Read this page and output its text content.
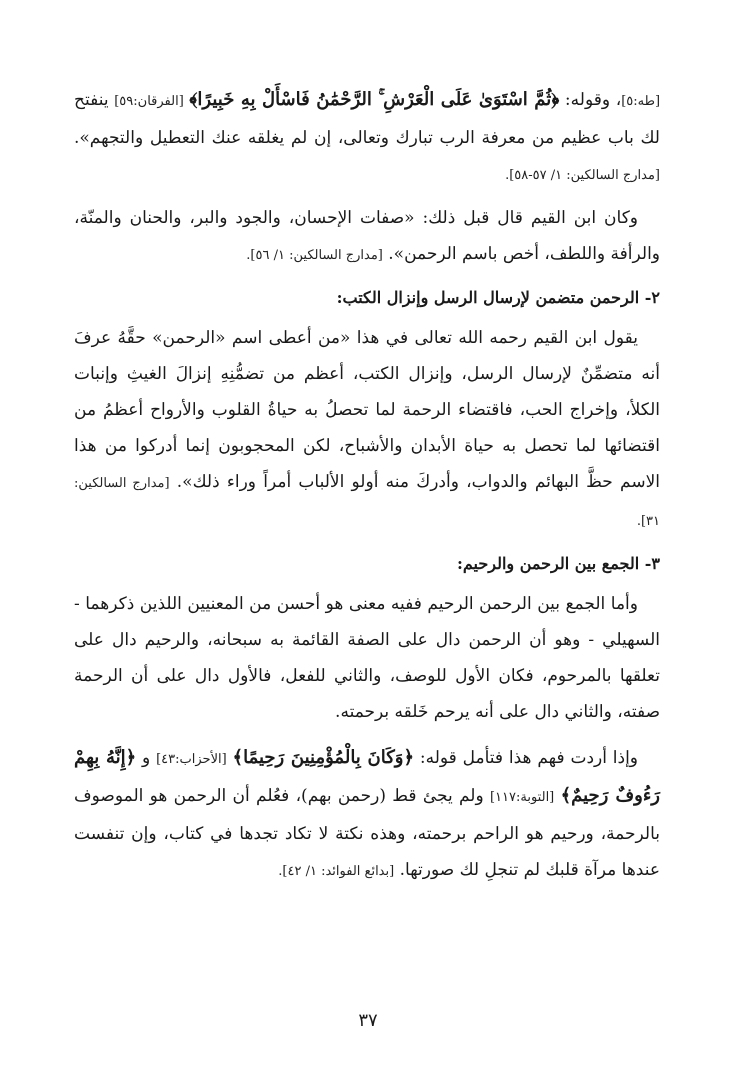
[طه:٥]، وقوله: ﴿ثُمَّ اسْتَوَىٰ عَلَى الْعَرْشِ ۚ الرَّحْمَٰنُ فَاسْأَلْ بِهِ خَبِيرًا﴾ [الفرقان:٥٩] ينفتح لك باب عظيم من معرفة الرب تبارك وتعالى، إن لم يغلقه عنك التعطيل والتجهم». [مدارج السالكين: ١/ ٥٧-٥٨].

وكان ابن القيم قال قبل ذلك: «صفات الإحسان، والجود والبر، والحنان والمنّة، والرأفة واللطف، أخص باسم الرحمن». [مدارج السالكين: ١/ ٥٦].

٢- الرحمن متضمن لإرسال الرسل وإنزال الكتب:

يقول ابن القيم رحمه الله تعالى في هذا «من أعطى اسم «الرحمن» حقَّهُ عرفَ أنه متضمِّنٌ لإرسال الرسل، وإنزال الكتب، أعظم من تضمُّنِهِ إنزالَ الغيثِ وإنبات الكلأ، وإخراج الحب، فاقتضاء الرحمة لما تحصلُ به حياةُ القلوب والأرواح أعظمُ من اقتضائها لما تحصل به حياة الأبدان والأشباح، لكن المحجوبون إنما أدركوا من هذا الاسم حظَّ البهائم والدواب، وأدركَ منه أولو الألباب أمراً وراء ذلك». [مدارج السالكين: ٣١].

٣- الجمع بين الرحمن والرحيم:

وأما الجمع بين الرحمن الرحيم ففيه معنى هو أحسن من المعنيين اللذين ذكرهما - السهيلي - وهو أن الرحمن دال على الصفة القائمة به سبحانه، والرحيم دال على تعلقها بالمرحوم، فكان الأول للوصف، والثاني للفعل، فالأول دال على أن الرحمة صفته، والثاني دال على أنه يرحم خَلقه برحمته.

وإذا أردت فهم هذا فتأمل قوله: ﴿وَكَانَ بِالْمُؤْمِنِينَ رَحِيمًا﴾ [الأحزاب:٤٣] و ﴿إِنَّهُ بِهِمْ رَءُوفٌ رَحِيمٌ﴾ [التوبة:١١٧] ولم يجئ قط (رحمن بهم)، فعُلم أن الرحمن هو الموصوف بالرحمة، ورحيم هو الراحم برحمته، وهذه نكتة لا تكاد تجدها في كتاب، وإن تنفست عندها مرآة قلبك لم تنجلِ لك صورتها. [بدائع الفوائد: ١/ ٤٢].

٣٧
